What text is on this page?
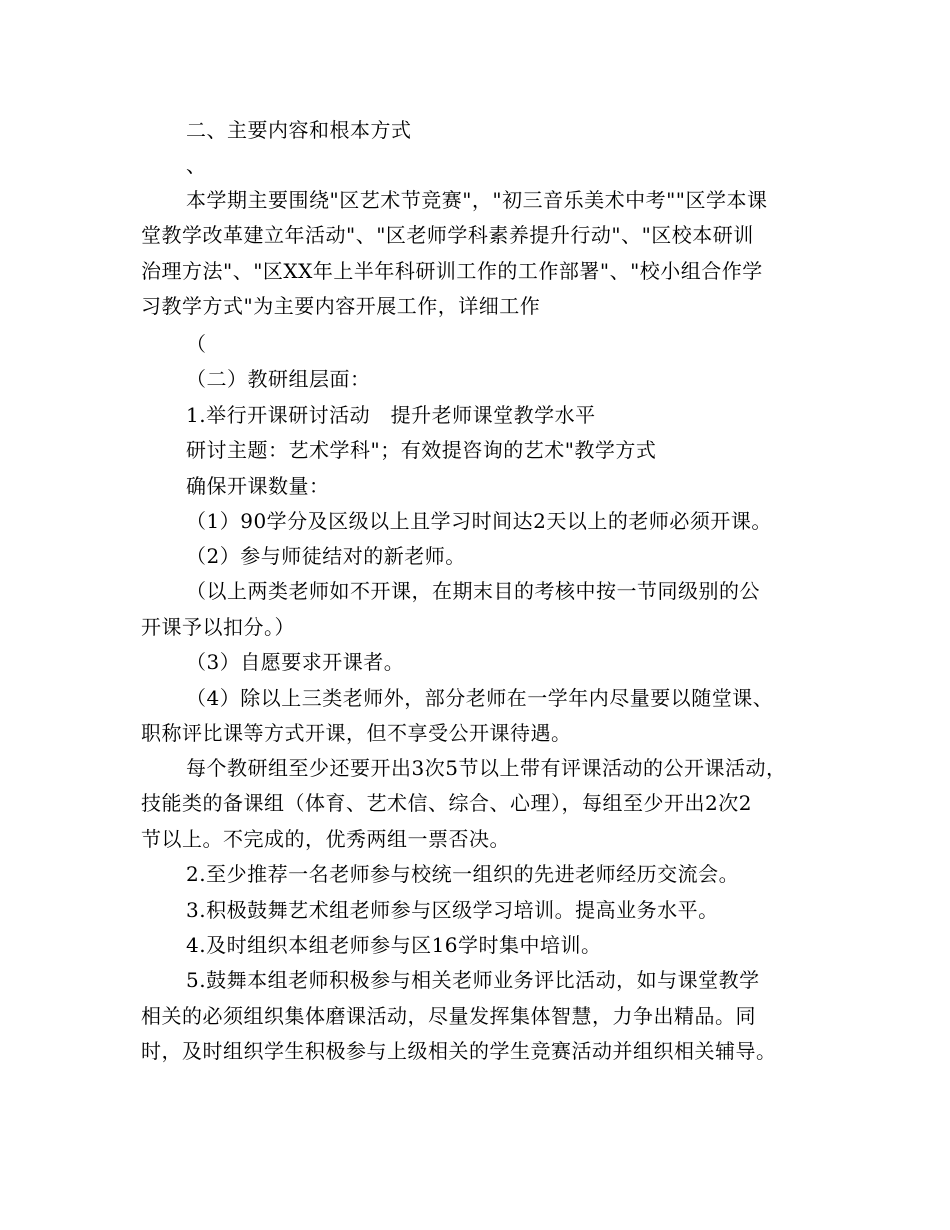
二、主要内容和根本方式
、
本学期主要围绕"区艺术节竞赛"，"初三音乐美术中考""区学本课
堂教学改革建立年活动"、"区老师学科素养提升行动"、"区校本研训
治理方法"、"区XX年上半年科研训工作的工作部署"、"校小组合作学
习教学方式"为主要内容开展工作，详细工作
（
（二）教研组层面：
1.举行开课研讨活动　提升老师课堂教学水平
研讨主题：艺术学科"；有效提咨询的艺术"教学方式
确保开课数量：
（1）90学分及区级以上且学习时间达2天以上的老师必须开课。
（2）参与师徒结对的新老师。
（以上两类老师如不开课，在期末目的考核中按一节同级别的公
开课予以扣分。）
（3）自愿要求开课者。
（4）除以上三类老师外，部分老师在一学年内尽量要以随堂课、
职称评比课等方式开课，但不享受公开课待遇。
每个教研组至少还要开出3次5节以上带有评课活动的公开课活动，
技能类的备课组（体育、艺术信、综合、心理），每组至少开出2次2
节以上。不完成的，优秀两组一票否决。
2.至少推荐一名老师参与校统一组织的先进老师经历交流会。
3.积极鼓舞艺术组老师参与区级学习培训。提高业务水平。
4.及时组织本组老师参与区16学时集中培训。
5.鼓舞本组老师积极参与相关老师业务评比活动，如与课堂教学
相关的必须组织集体磨课活动，尽量发挥集体智慧，力争出精品。同
时，及时组织学生积极参与上级相关的学生竞赛活动并组织相关辅导。
